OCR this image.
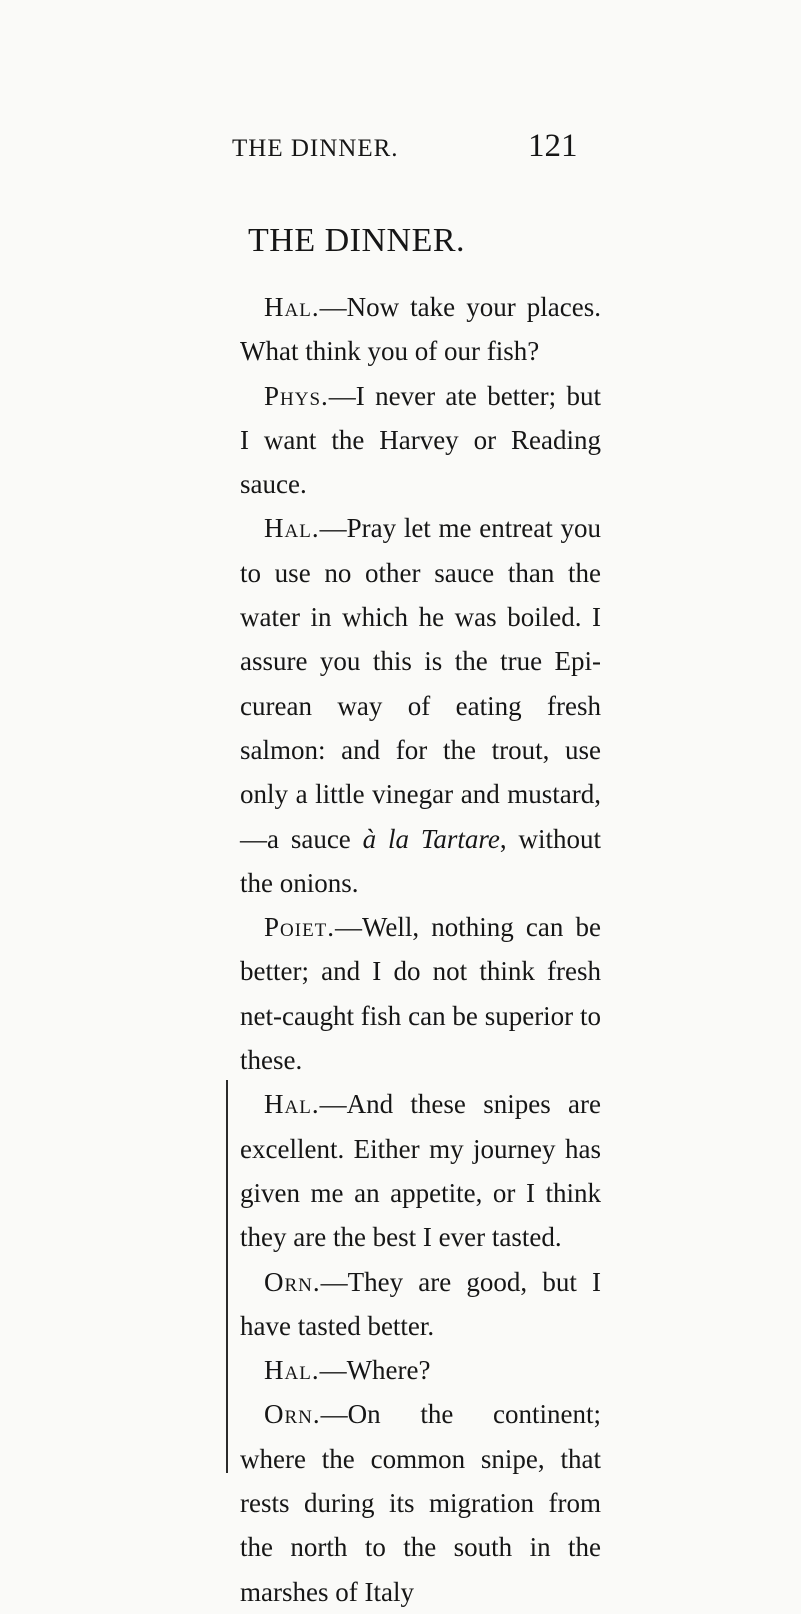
THE DINNER.	121
THE DINNER.

Hal.—Now take your places. What think you of our fish?

Phys.—I never ate better; but I want the Harvey or Reading sauce.

Hal.—Pray let me entreat you to use no other sauce than the water in which he was boiled. I assure you this is the true Epicurean way of eating fresh salmon: and for the trout, use only a little vinegar and mustard,—a sauce à la Tartare, without the onions.

Poiet.—Well, nothing can be better; and I do not think fresh net-caught fish can be superior to these.

Hal.—And these snipes are excellent. Either my journey has given me an appetite, or I think they are the best I ever tasted.

Orn.—They are good, but I have tasted better.

Hal.—Where?

Orn.—On the continent; where the common snipe, that rests during its migration from the north to the south in the marshes of Italy
